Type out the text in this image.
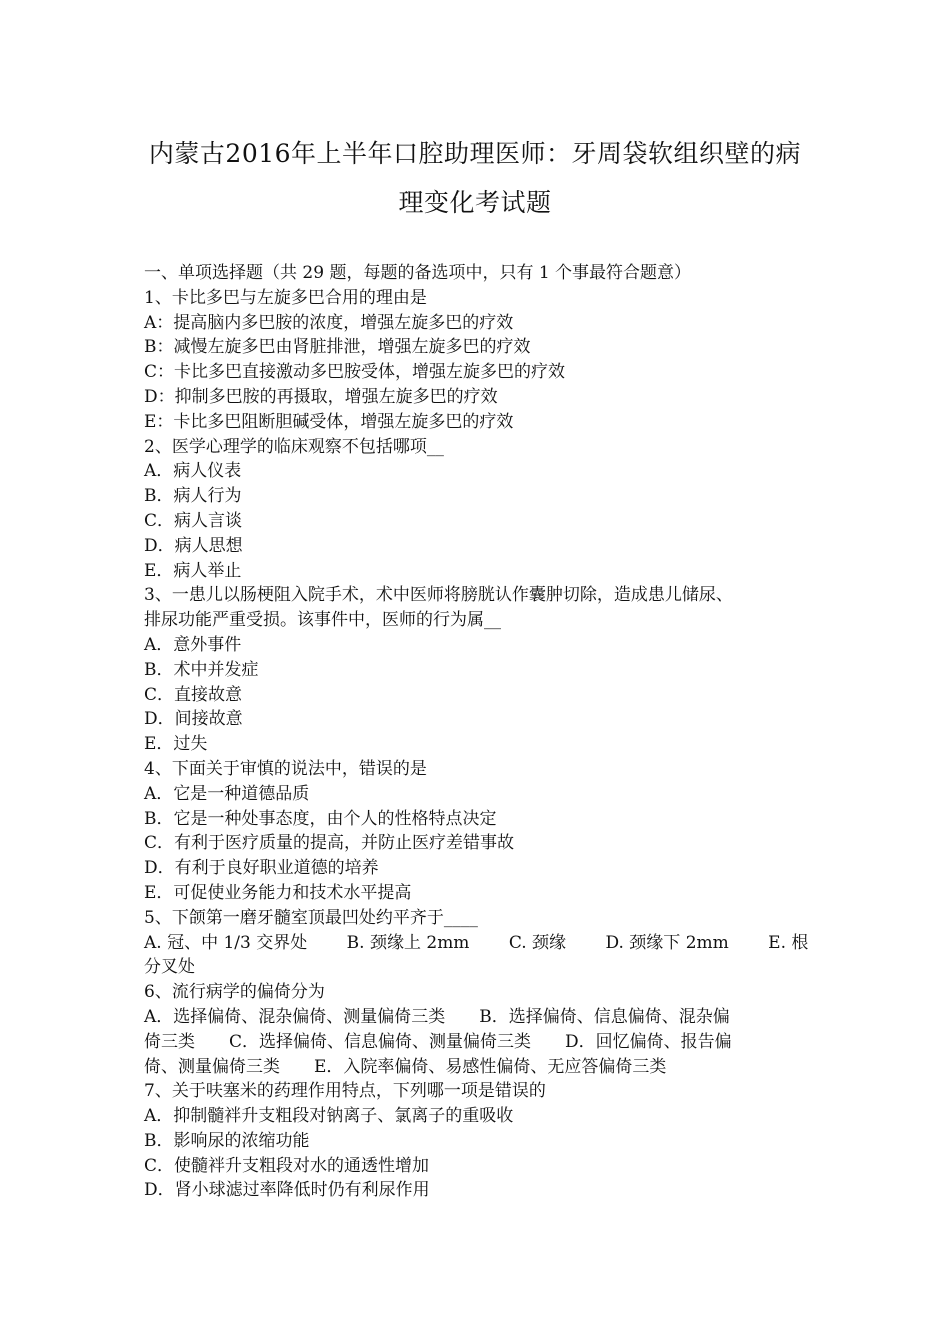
内蒙古2016年上半年口腔助理医师：牙周袋软组织壁的病
理变化考试题
一、单项选择题（共 29 题，每题的备选项中，只有 1 个事最符合题意）
1、卡比多巴与左旋多巴合用的理由是
A：提高脑内多巴胺的浓度，增强左旋多巴的疗效
B：减慢左旋多巴由肾脏排泄，增强左旋多巴的疗效
C：卡比多巴直接激动多巴胺受体，增强左旋多巴的疗效
D：抑制多巴胺的再摄取，增强左旋多巴的疗效
E：卡比多巴阻断胆碱受体，增强左旋多巴的疗效
2、医学心理学的临床观察不包括哪项__
A．病人仪表
B．病人行为
C．病人言谈
D．病人思想
E．病人举止
3、一患儿以肠梗阻入院手术，术中医师将膀胱认作囊肿切除，造成患儿储尿、
排尿功能严重受损。该事件中，医师的行为属__
A．意外事件
B．术中并发症
C．直接故意
D．间接故意
E．过失
4、下面关于审慎的说法中，错误的是
A．它是一种道德品质
B．它是一种处事态度，由个人的性格特点决定
C．有利于医疗质量的提高，并防止医疗差错事故
D．有利于良好职业道德的培养
E．可促使业务能力和技术水平提高
5、下颌第一磨牙髓室顶最凹处约平齐于____
A. 冠、中 1/3 交界处 B. 颈缘上 2mm C. 颈缘 D. 颈缘下 2mm E. 根
分叉处
6、流行病学的偏倚分为
A．选择偏倚、混杂偏倚、测量偏倚三类　　B．选择偏倚、信息偏倚、混杂偏
倚三类　　C．选择偏倚、信息偏倚、测量偏倚三类　　D．回忆偏倚、报告偏
倚、测量偏倚三类　　E．入院率偏倚、易感性偏倚、无应答偏倚三类
7、关于呋塞米的药理作用特点，下列哪一项是错误的
A．抑制髓袢升支粗段对钠离子、氯离子的重吸收
B．影响尿的浓缩功能
C．使髓袢升支粗段对水的通透性增加
D．肾小球滤过率降低时仍有利尿作用
